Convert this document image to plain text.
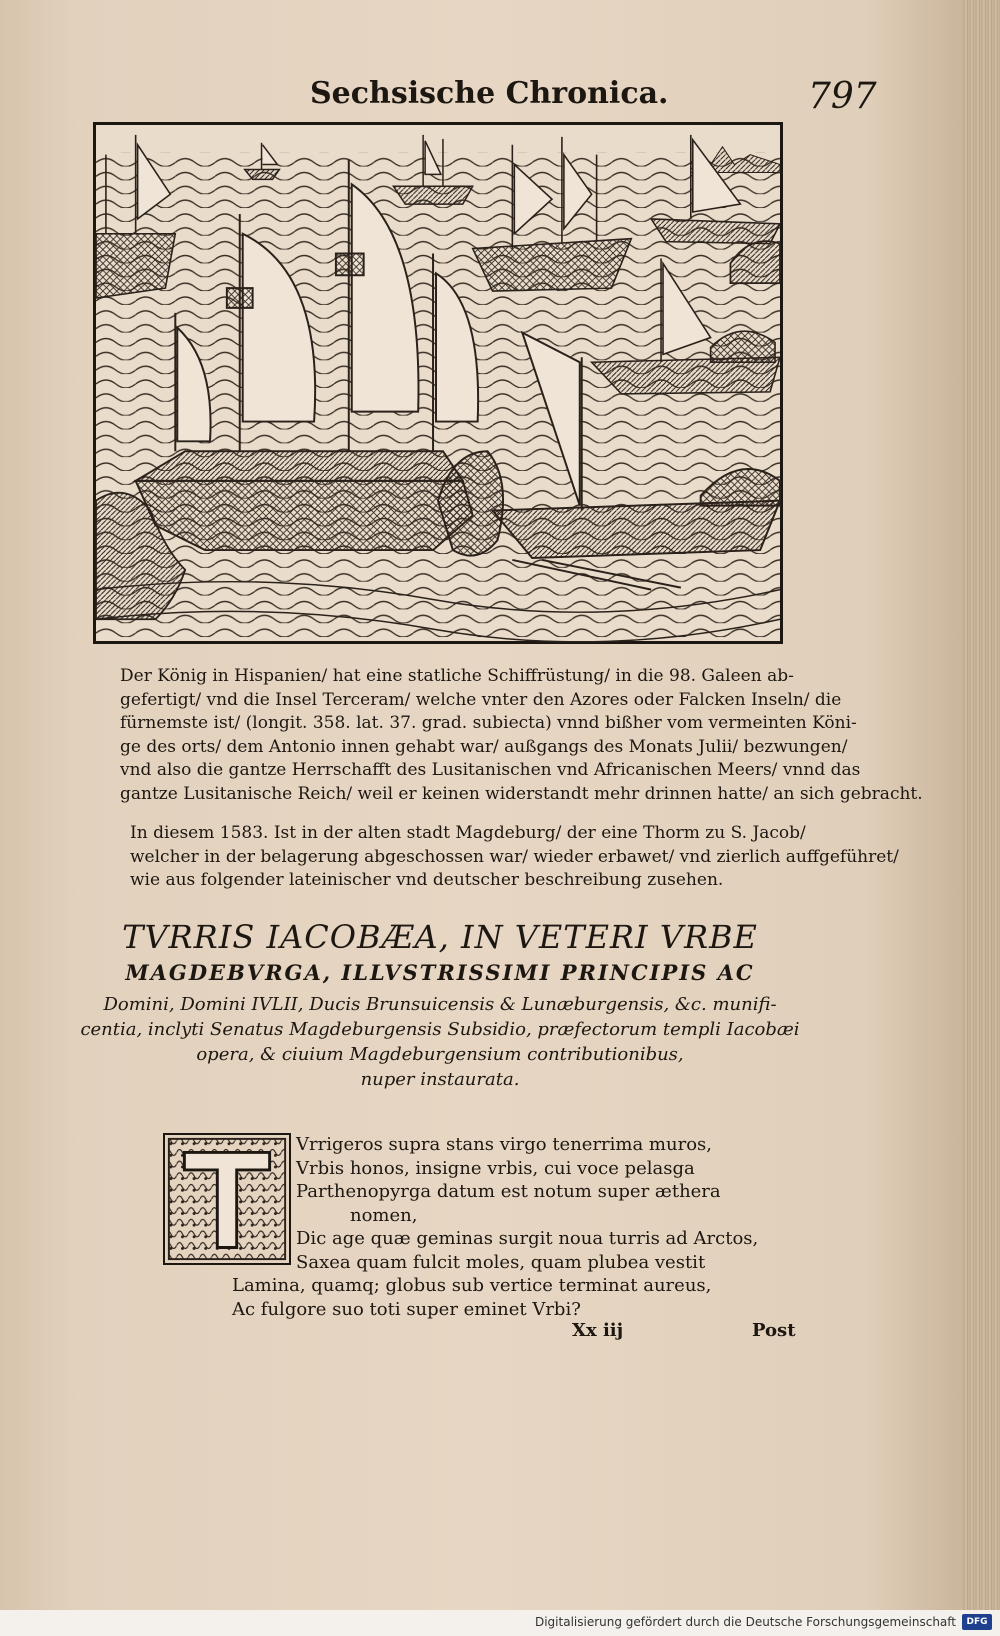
Sechsische Chronica.	797
Der König in Hispanien/ hat eine statliche Schiffrüstung/ in die 98. Galeen ab-
gefertigt/ vnd die Insel Terceram/ welche vnter den Azores oder Falcken Inseln/ die
fürnemste ist/ (longit. 358. lat. 37. grad. subiecta) vnnd bißher vom vermeinten Köni-
ge des orts/ dem Antonio innen gehabt war/ außgangs des Monats Julii/ bezwungen/
vnd also die gantze Herrschafft des Lusitanischen vnd Africanischen Meers/ vnnd das
gantze Lusitanische Reich/ weil er keinen widerstandt mehr drinnen hatte/ an sich gebracht.
In diesem 1583. Ist in der alten stadt Magdeburg/ der eine Thorm zu S. Jacob/
welcher in der belagerung abgeschossen war/ wieder erbawet/ vnd zierlich auffgeführet/
wie aus folgender lateinischer vnd deutscher beschreibung zusehen.
TVRRIS IACOBÆA, IN VETERI VRBE
MAGDEBVRGA, ILLVSTRISSIMI PRINCIPIS AC
Domini, Domini IVLII, Ducis Brunsuicensis & Lunæburgensis, &c. munifi-
centia, inclyti Senatus Magdeburgensis Subsidio, præfectorum templi Iacobæi
opera, & ciuium Magdeburgensium contributionibus,
nuper instaurata.
Vrrigeros supra stans virgo tenerrima muros,
Vrbis honos, insigne vrbis, cui voce pelasga
Parthenopyrga datum est notum super æthera
nomen,
Dic age quæ geminas surgit noua turris ad Arctos,
Saxea quam fulcit moles, quam plubea vestit
Lamina, quamq; globus sub vertice terminat aureus,
Ac fulgore suo toti super eminet Vrbi?
Xx iij	Post
Digitalisierung gefördert durch die Deutsche Forschungsgemeinschaft	DFG
